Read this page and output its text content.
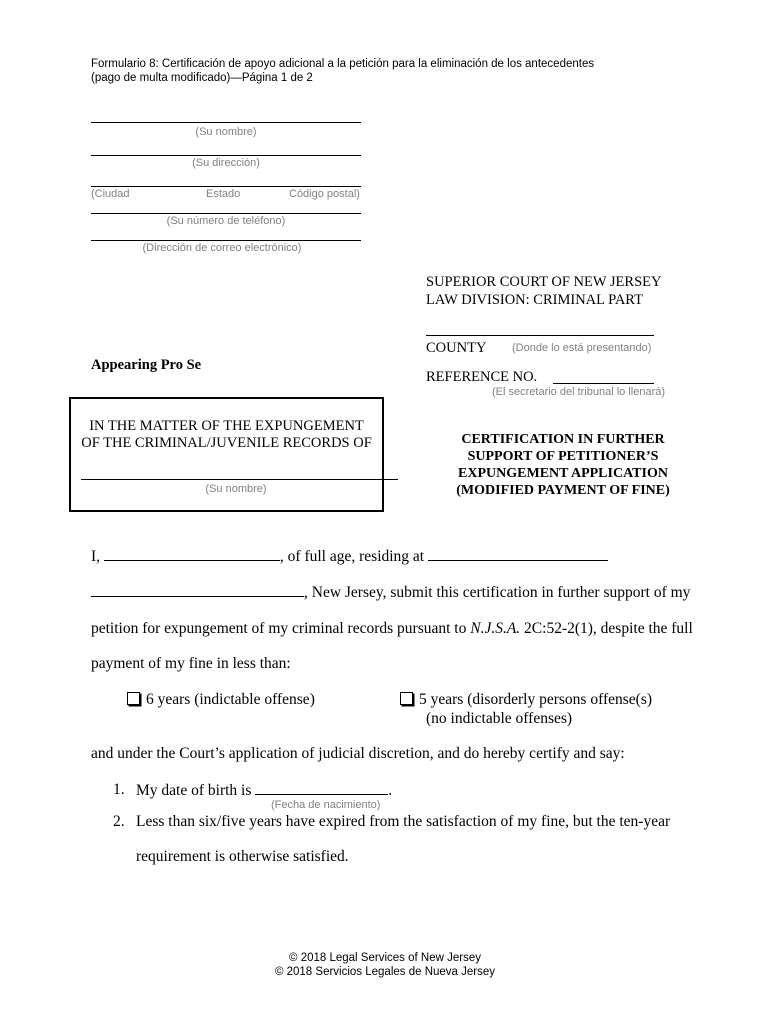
Formulario 8: Certificación de apoyo adicional a la petición para la eliminación de los antecedentes
(pago de multa modificado)—Página 1 de 2
(Su nombre)
(Su dirección)
(Ciudad	Estado	Código postal)
(Su número de teléfono)
(Dirección de correo electrónico)
SUPERIOR COURT OF NEW JERSEY
LAW DIVISION: CRIMINAL PART
COUNTY (Donde lo está presentando)
Appearing Pro Se
REFERENCE NO.
(El secretario del tribunal lo llenará)
IN THE MATTER OF THE EXPUNGEMENT
OF THE CRIMINAL/JUVENILE RECORDS OF
(Su nombre)
CERTIFICATION IN FURTHER
SUPPORT OF PETITIONER’S
EXPUNGEMENT APPLICATION
(MODIFIED PAYMENT OF FINE)
I,	, of full age, residing at
, New Jersey, submit this certification in further support of my
petition for expungement of my criminal records pursuant to N.J.S.A. 2C:52-2(1), despite the full
payment of my fine in less than:
6 years (indictable offense)	5 years (disorderly persons offense(s)
(no indictable offenses)
and under the Court’s application of judicial discretion, and do hereby certify and say:
1. My date of birth is	.
(Fecha de nacimiento)
2. Less than six/five years have expired from the satisfaction of my fine, but the ten-year
requirement is otherwise satisfied.
© 2018 Legal Services of New Jersey
© 2018 Servicios Legales de Nueva Jersey
